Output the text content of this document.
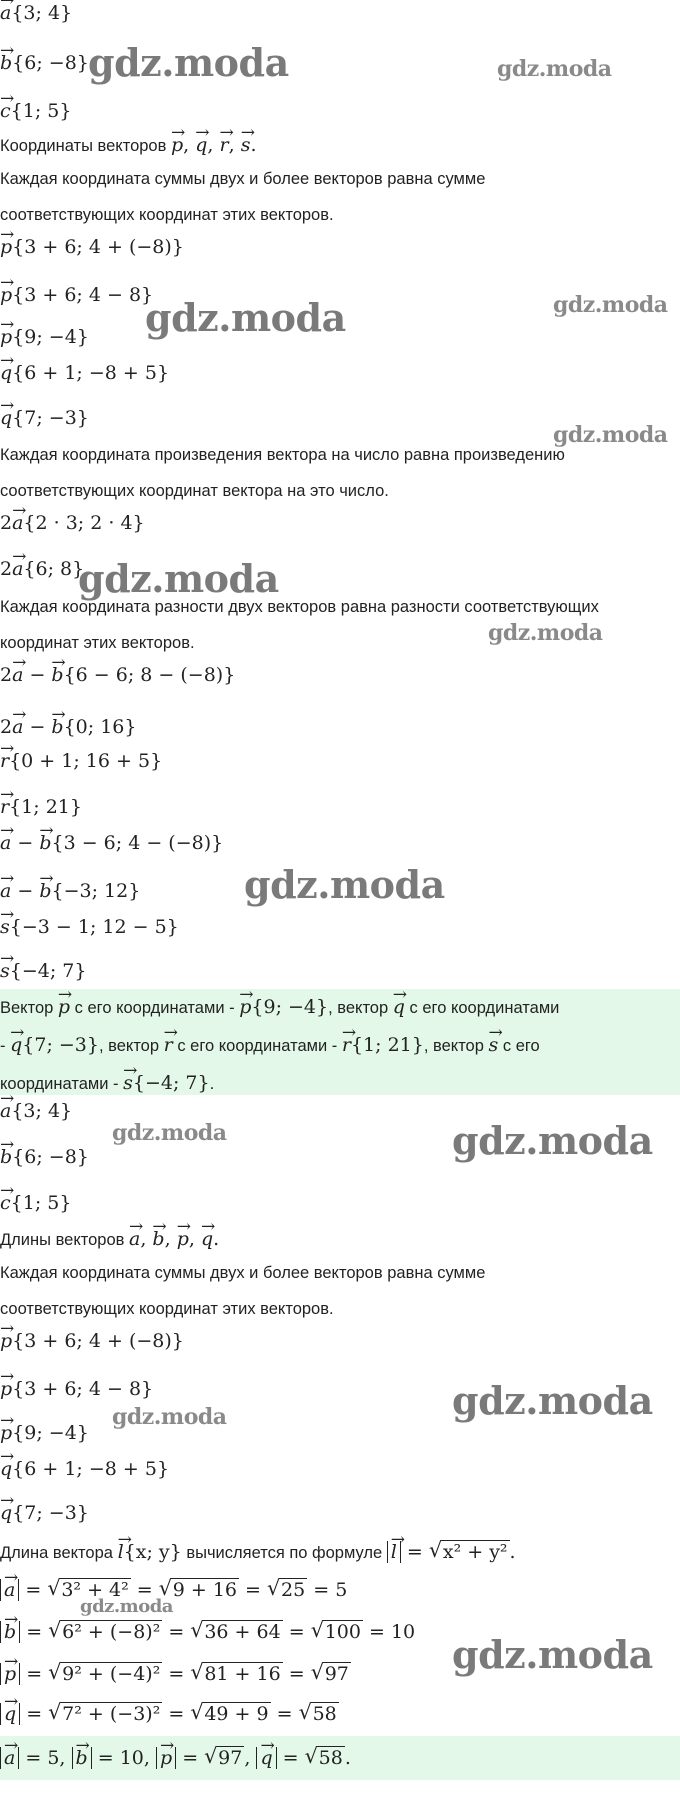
→ a{3; 4}
→ b{6; −8}
→ c{1; 5}
Координаты векторов → p, → q, → r, → s.
Каждая координата суммы двух и более векторов равна сумме
соответствующих координат этих векторов.
→ p{3 + 6; 4 + (−8)}
→ p{3 + 6; 4 − 8}
→ p{9; −4}
→ q{6 + 1; −8 + 5}
→ q{7; −3}
Каждая координата произведения вектора на число равна произведению
соответствующих координат вектора на это число.
2→ a{2 · 3; 2 · 4}
2→ a{6; 8}
Каждая координата разности двух векторов равна разности соответствующих
координат этих векторов.
2→ a − → b{6 − 6; 8 − (−8)}
2→ a − → b{0; 16}
→ r{0 + 1; 16 + 5}
→ r{1; 21}
→ a − → b{3 − 6; 4 − (−8)}
→ a − → b{−3; 12}
→ s{−3 − 1; 12 − 5}
→ s{−4; 7}
Вектор → p с его координатами - → p{9; −4}, вектор → q с его координатами
- → q{7; −3}, вектор → r с его координатами - → r{1; 21}, вектор → s с его
координатами - → s{−4; 7}.
→ a{3; 4}
→ b{6; −8}
→ c{1; 5}
Длины векторов → a, → b, → p, → q.
Каждая координата суммы двух и более векторов равна сумме
соответствующих координат этих векторов.
→ p{3 + 6; 4 + (−8)}
→ p{3 + 6; 4 − 8}
→ p{9; −4}
→ q{6 + 1; −8 + 5}
→ q{7; −3}
Длина вектора → l{x; y} вычисляется по формуле → l = √ x² + y² .
→ a = √ 3² + 4² = √ 9 + 16 = √ 25 = 5
→ b = √ 6² + (−8)² = √ 36 + 64 = √ 100 = 10
→ p = √ 9² + (−4)² = √ 81 + 16 = √ 97
→ q = √ 7² + (−3)² = √ 49 + 9 = √ 58
→ a = 5, → b = 10, → p = √ 97 , → q = √ 58 .
gdz.moda	gdz.moda
gdz.moda	gdz.moda
gdz.moda
gdz.moda
gdz.moda
gdz.moda
gdz.moda	gdz.moda
gdz.moda
gdz.moda
gdz.moda
gdz.moda
